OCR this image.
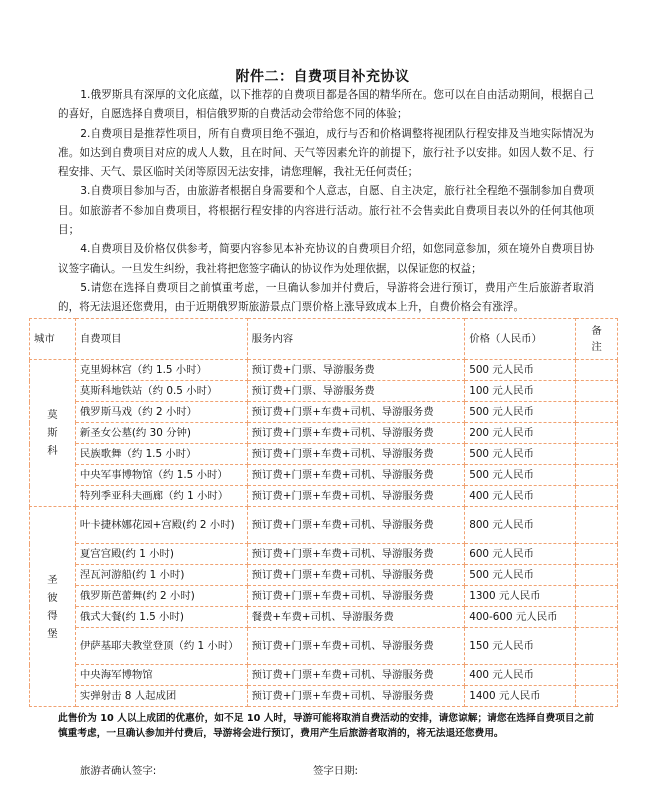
附件二：自费项目补充协议

1.俄罗斯具有深厚的文化底蕴，以下推荐的自费项目都是各国的精华所在。您可以在自由活动期间，根据自己的喜好，自愿选择自费项目，相信俄罗斯的自费活动会带给您不同的体验；

2.自费项目是推荐性项目，所有自费项目绝不强迫，成行与否和价格调整将视团队行程安排及当地实际情况为准。如达到自费项目对应的成人人数，且在时间、天气等因素允许的前提下，旅行社予以安排。如因人数不足、行程安排、天气、景区临时关闭等原因无法安排，请您理解，我社无任何责任；

3.自费项目参加与否，由旅游者根据自身需要和个人意志，自愿、自主决定，旅行社全程绝不强制参加自费项目。如旅游者不参加自费项目，将根据行程安排的内容进行活动。旅行社不会售卖此自费项目表以外的任何其他项目；

4.自费项目及价格仅供参考，简要内容参见本补充协议的自费项目介绍，如您同意参加，须在境外自费项目协议签字确认。一旦发生纠纷，我社将把您签字确认的协议作为处理依据，以保证您的权益；

5.请您在选择自费项目之前慎重考虑，一旦确认参加并付费后，导游将会进行预订，费用产生后旅游者取消的，将无法退还您费用，由于近期俄罗斯旅游景点门票价格上涨导致成本上升，自费价格会有涨浮。

城市	自费项目	服务内容	价格（人民币）	备注
莫斯科	克里姆林宫（约 1.5 小时）	预订费+门票、导游服务费	500 元人民币	
	莫斯科地铁站（约 0.5 小时）	预订费+门票、导游服务费	100 元人民币	
	俄罗斯马戏（约 2 小时）	预订费+门票+车费+司机、导游服务费	500 元人民币	
	新圣女公墓(约 30 分钟)	预订费+门票+车费+司机、导游服务费	200 元人民币	
	民族歌舞（约 1.5 小时）	预订费+门票+车费+司机、导游服务费	500 元人民币	
	中央军事博物馆（约 1.5 小时）	预订费+门票+车费+司机、导游服务费	500 元人民币	
	特列季亚科夫画廊（约 1 小时）	预订费+门票+车费+司机、导游服务费	400 元人民币	
圣彼得堡	叶卡捷林娜花园+宫殿(约 2 小时)	预订费+门票+车费+司机、导游服务费	800 元人民币	
	夏宫宫殿(约 1 小时)	预订费+门票+车费+司机、导游服务费	600 元人民币	
	涅瓦河游船(约 1 小时)	预订费+门票+车费+司机、导游服务费	500 元人民币	
	俄罗斯芭蕾舞(约 2 小时)	预订费+门票+车费+司机、导游服务费	1300 元人民币	
	俄式大餐(约 1.5 小时)	餐费+车费+司机、导游服务费	400-600 元人民币	
	伊萨基耶夫教堂登顶（约 1 小时）	预订费+门票+车费+司机、导游服务费	150 元人民币	
	中央海军博物馆	预订费+门票+车费+司机、导游服务费	400 元人民币	
	实弹射击 8 人起成团	预订费+门票+车费+司机、导游服务费	1400 元人民币	
此售价为 10 人以上成团的优惠价，如不足 10 人时，导游可能将取消自费活动的安排，请您谅解；请您在选择自费项目之前慎重考虑，一旦确认参加并付费后，导游将会进行预订，费用产生后旅游者取消的，将无法退还您费用。
旅游者确认签字:	签字日期:
